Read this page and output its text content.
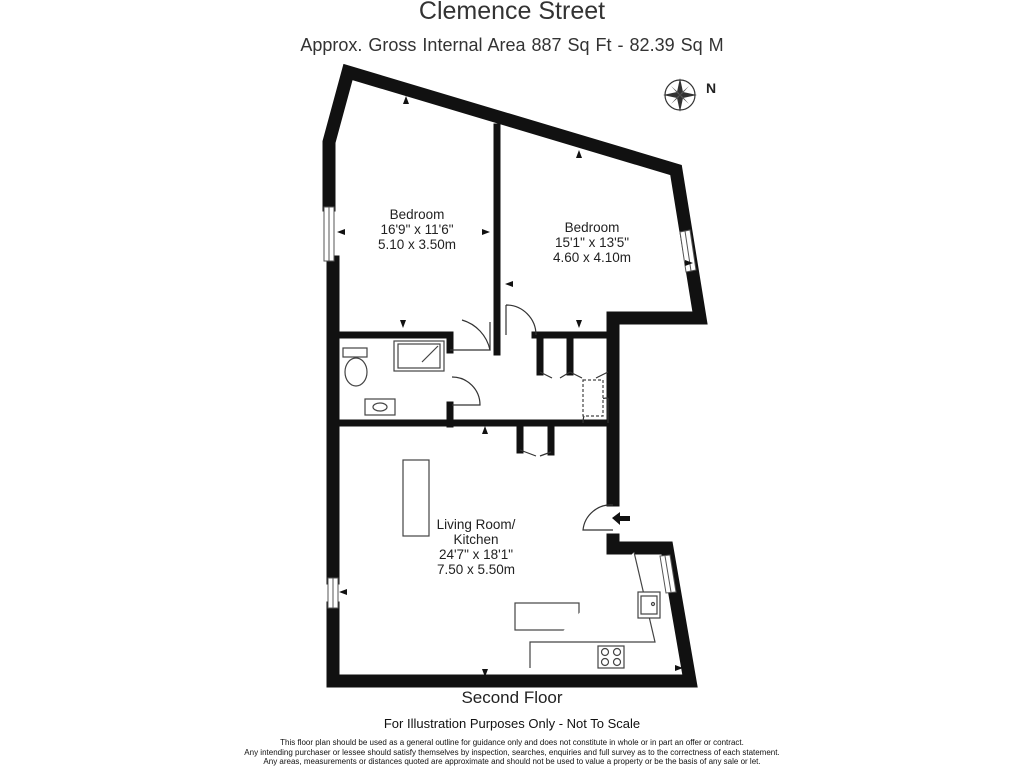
Clemence Street
Approx. Gross Internal Area 887 Sq Ft - 82.39 Sq M
N
Bedroom
16'9" x 11'6"
5.10 x 3.50m
Bedroom
15'1" x 13'5"
4.60 x 4.10m
Living Room/
Kitchen
24'7" x 18'1"
7.50 x 5.50m
Second Floor
For Illustration Purposes Only - Not To Scale
This floor plan should be used as a general outline for guidance only and does not constitute in whole or in part an offer or contract.
Any intending purchaser or lessee should satisfy themselves by inspection, searches, enquiries and full survey as to the correctness of each statement.
Any areas, measurements or distances quoted are approximate and should not be used to value a property or be the basis of any sale or let.
